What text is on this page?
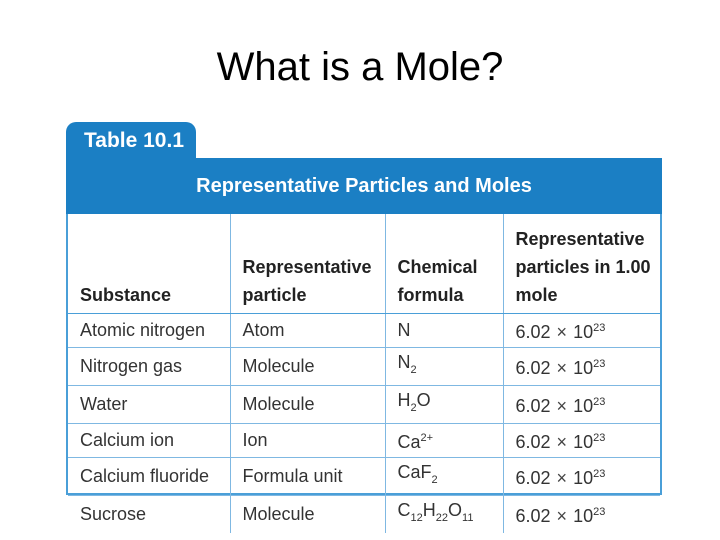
What is a Mole?
Table 10.1
Representative Particles and Moles
Substance	Representative particle	Chemical formula	Representative particles in 1.00 mole
Atomic nitrogen	Atom	N	$6.02 \times 10^{23}$
Nitrogen gas	Molecule	$N_2$	$6.02 \times 10^{23}$
Water	Molecule	$H_2O$	$6.02 \times 10^{23}$
Calcium ion	Ion	$Ca^{2+}$	$6.02 \times 10^{23}$
Calcium fluoride	Formula unit	CaF$_2$	$6.02 \times 10^{23}$
Sucrose	Molecule	$C_{12}H_{22}O_{11}$	$6.02 \times 10^{23}$
